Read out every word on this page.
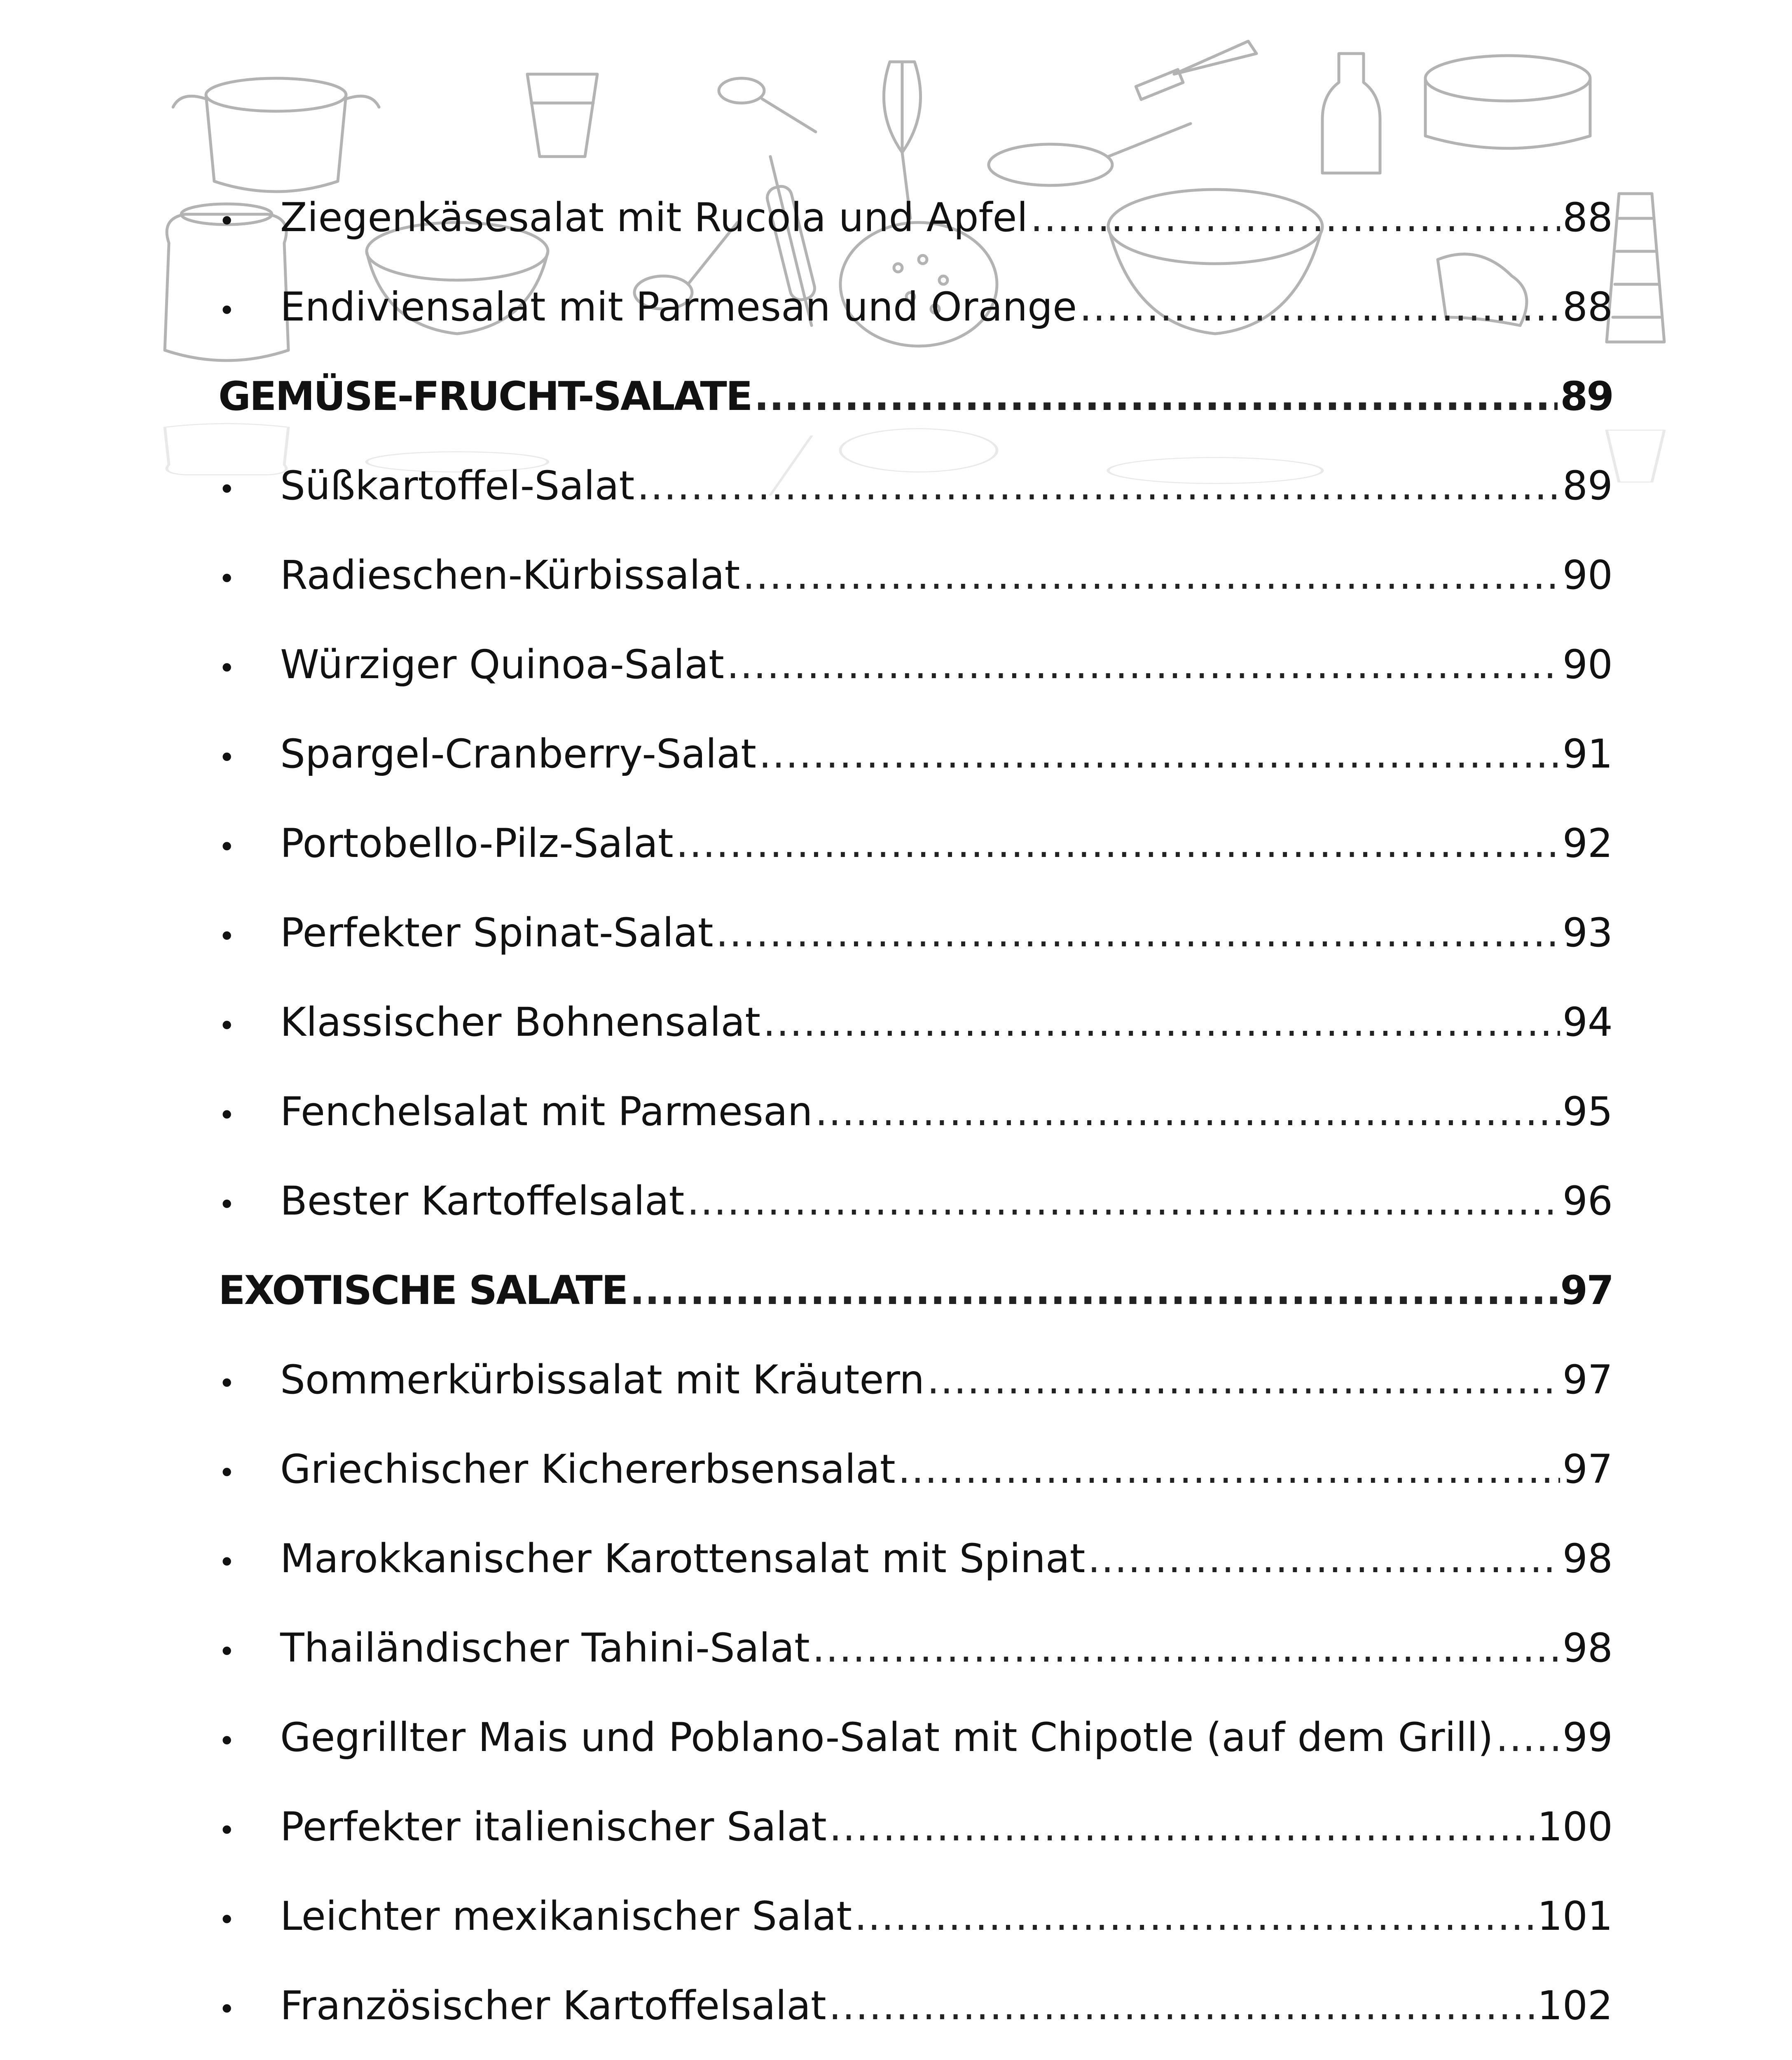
•	Ziegenkäsesalat mit Rucola und Apfel .....	88
•	Endiviensalat mit Parmesan und Orange .....	88
GEMÜSE-FRUCHT-SALATE .....	89
•	Süßkartoffel-Salat .....	89
•	Radieschen-Kürbissalat .....	90
•	Würziger Quinoa-Salat .....	90
•	Spargel-Cranberry-Salat .....	91
•	Portobello-Pilz-Salat .....	92
•	Perfekter Spinat-Salat .....	93
•	Klassischer Bohnensalat .....	94
•	Fenchelsalat mit Parmesan .....	95
•	Bester Kartoffelsalat .....	96
EXOTISCHE SALATE .....	97
•	Sommerkürbissalat mit Kräutern .....	97
•	Griechischer Kichererbsensalat .....	97
•	Marokkanischer Karottensalat mit Spinat .....	98
•	Thailändischer Tahini-Salat .....	98
•	Gegrillter Mais und Poblano-Salat mit Chipotle (auf dem Grill) ..... 99
•	Perfekter italienischer Salat .....	100
•	Leichter mexikanischer Salat .....	101
•	Französischer Kartoffelsalat .....	102
.....
